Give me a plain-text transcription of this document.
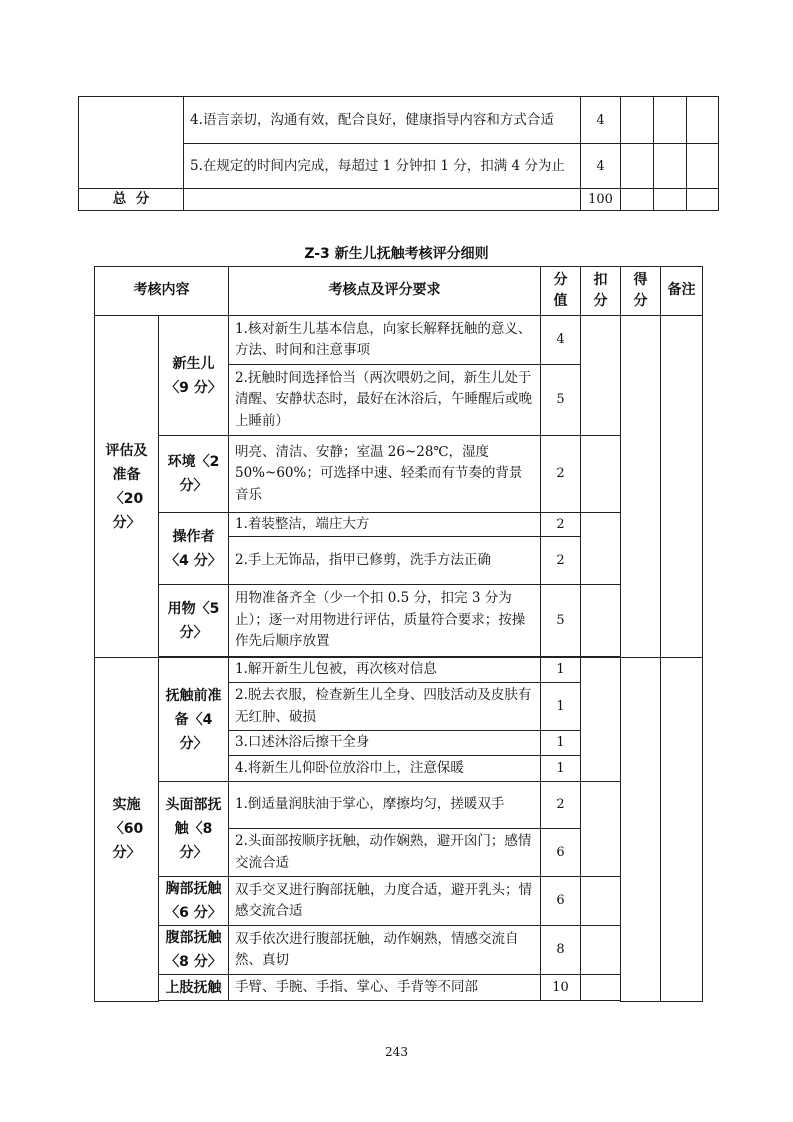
	4.语言亲切，沟通有效，配合良好，健康指导内容和方式合适	4			
	5.在规定的时间内完成，每超过 1 分钟扣 1 分，扣满 4 分为止	4			
总  分		100			
Z-3 新生儿抚触考核评分细则
考核内容		考核点及评分要求	分值	扣分	得分	备注
评估及准备〈20分〉	新生儿〈9 分〉	1.核对新生儿基本信息，向家长解释抚触的意义、方法、时间和注意事项	4			
		2.抚触时间选择恰当（两次喂奶之间，新生儿处于清醒、安静状态时，最好在沐浴后，午睡醒后或晚上睡前）	5			
	环境〈2 分〉	明亮、清洁、安静；室温 26~28℃，湿度 50%~60%；可选择中速、轻柔而有节奏的背景音乐	2			
	操作者〈4 分〉	1.着装整洁，端庄大方	2			
		2.手上无饰品，指甲已修剪，洗手方法正确	2			
	用物〈5 分〉	用物准备齐全（少一个扣 0.5 分，扣完 3 分为止）；逐一对用物进行评估，质量符合要求；按操作先后顺序放置	5			

实施〈60分〉	抚触前准备〈4 分〉	1.解开新生儿包被，再次核对信息	1			
		2.脱去衣服，检查新生儿全身、四肢活动及皮肤有无红肿、破损	1			
		3.口述沐浴后擦干全身	1			
		4.将新生儿仰卧位放浴巾上，注意保暖	1			
	头面部抚触〈8 分〉	1.倒适量润肤油于掌心，摩擦均匀，搓暖双手	2			
		2.头面部按顺序抚触，动作娴熟，避开囟门；感情交流合适	6			
	胸部抚触〈6 分〉	双手交叉进行胸部抚触，力度合适，避开乳头；情感交流合适	6			
	腹部抚触〈8 分〉	双手依次进行腹部抚触，动作娴熟，情感交流自然、真切	8			
	上肢抚触	手臂、手腕、手指、掌心、手背等不同部	10			

243
